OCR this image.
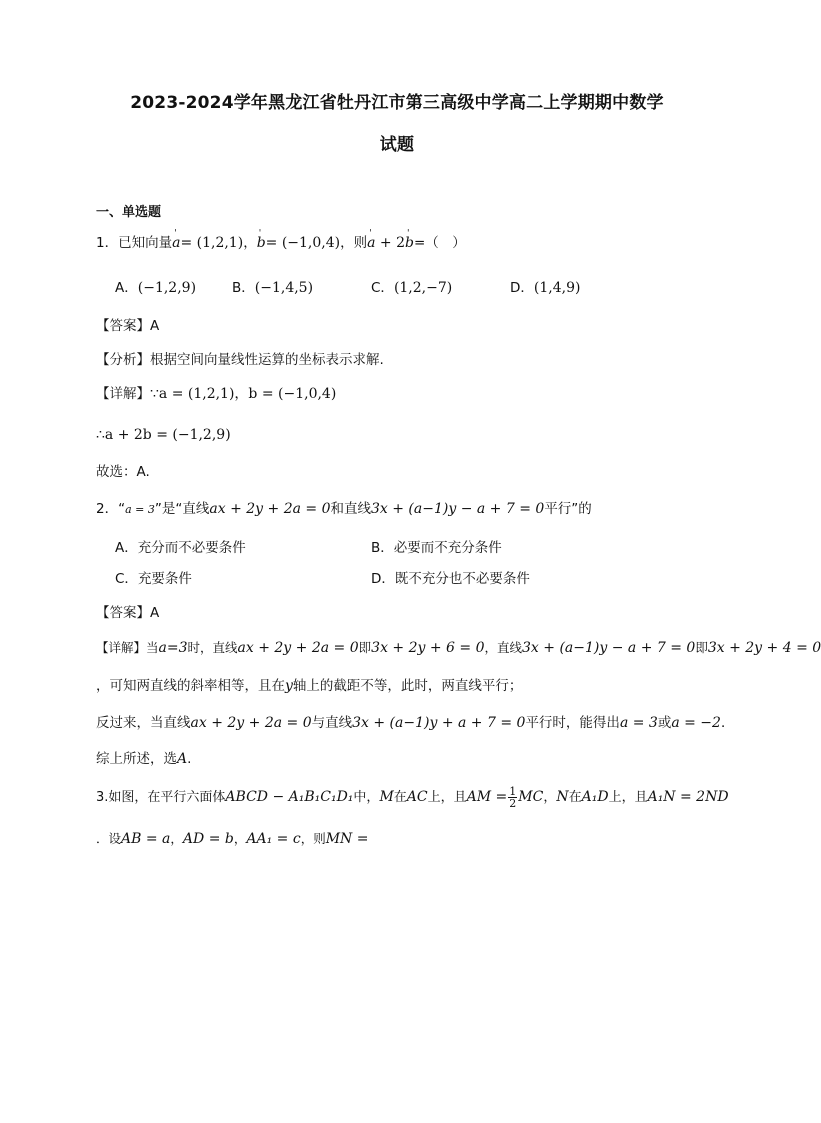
2023-2024学年黑龙江省牡丹江市第三高级中学高二上学期期中数学
试题
一、单选题
1．已知向量' a= (1,2,1)，' b= (−1,0,4)，则' a + 2' b=（　）
A．(−1,2,9)	B．(−1,4,5)	C．(1,2,−7)	D．(1,4,9)
【答案】A
【分析】根据空间向量线性运算的坐标表示求解.
【详解】∵a = (1,2,1)，b = (−1,0,4)
∴a + 2b = (−1,2,9)
故选：A.
2．“a = 3”是“直线ax + 2y + 2a = 0和直线3x + (a−1)y − a + 7 = 0平行”的
A．充分而不必要条件	B．必要而不充分条件
C．充要条件	D．既不充分也不必要条件
【答案】A
【详解】当a=3时，直线ax + 2y + 2a = 0即3x + 2y + 6 = 0，直线3x + (a−1)y − a + 7 = 0即3x + 2y + 4 = 0
，可知两直线的斜率相等，且在y轴上的截距不等，此时，两直线平行；
反过来，当直线ax + 2y + 2a = 0与直线3x + (a−1)y + a + 7 = 0平行时，能得出a = 3或a = −2．
综上所述，选A.
3.如图，在平行六面体ABCD − A₁B₁C₁D₁中，M在AC上，且AM = $\frac{1}{2}$ MC，N在A₁D上，且A₁N = 2ND
．设AB = a，AD = b，AA₁ = c，则MN =
